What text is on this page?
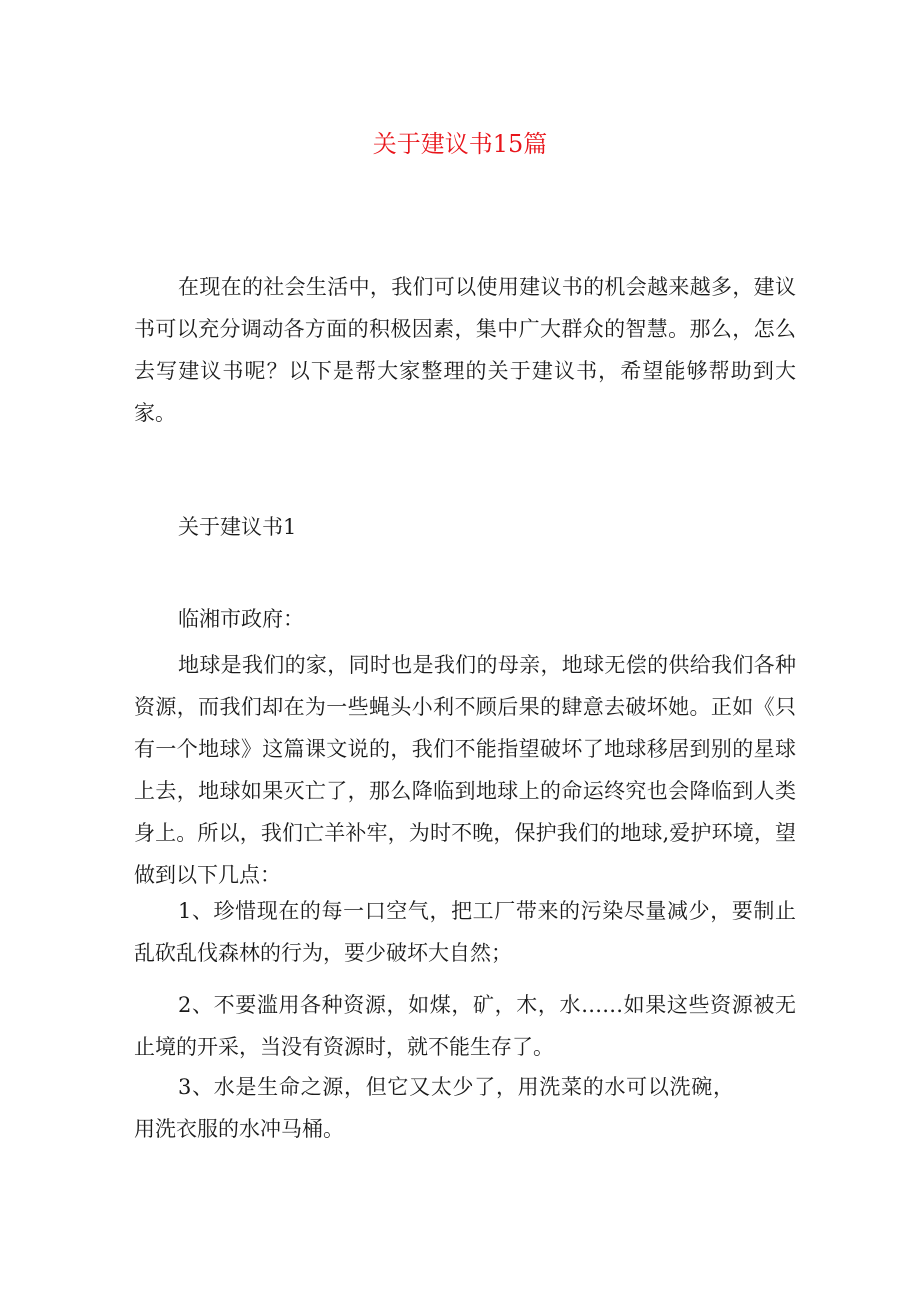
关于建议书15篇

在现在的社会生活中，我们可以使用建议书的机会越来越多，建议书可以充分调动各方面的积极因素，集中广大群众的智慧。那么，怎么去写建议书呢？以下是帮大家整理的关于建议书，希望能够帮助到大家。

关于建议书1

临湘市政府：

地球是我们的家，同时也是我们的母亲，地球无偿的供给我们各种资源，而我们却在为一些蝇头小利不顾后果的肆意去破坏她。正如《只有一个地球》这篇课文说的，我们不能指望破坏了地球移居到别的星球上去，地球如果灭亡了，那么降临到地球上的命运终究也会降临到人类身上。所以，我们亡羊补牢，为时不晚，保护我们的地球,爱护环境，望做到以下几点：

1、珍惜现在的每一口空气，把工厂带来的污染尽量减少，要制止乱砍乱伐森林的行为，要少破坏大自然；

2、不要滥用各种资源，如煤，矿，木，水……如果这些资源被无止境的开采，当没有资源时，就不能生存了。

3、水是生命之源，但它又太少了，用洗菜的水可以洗碗，用洗衣服的水冲马桶。
